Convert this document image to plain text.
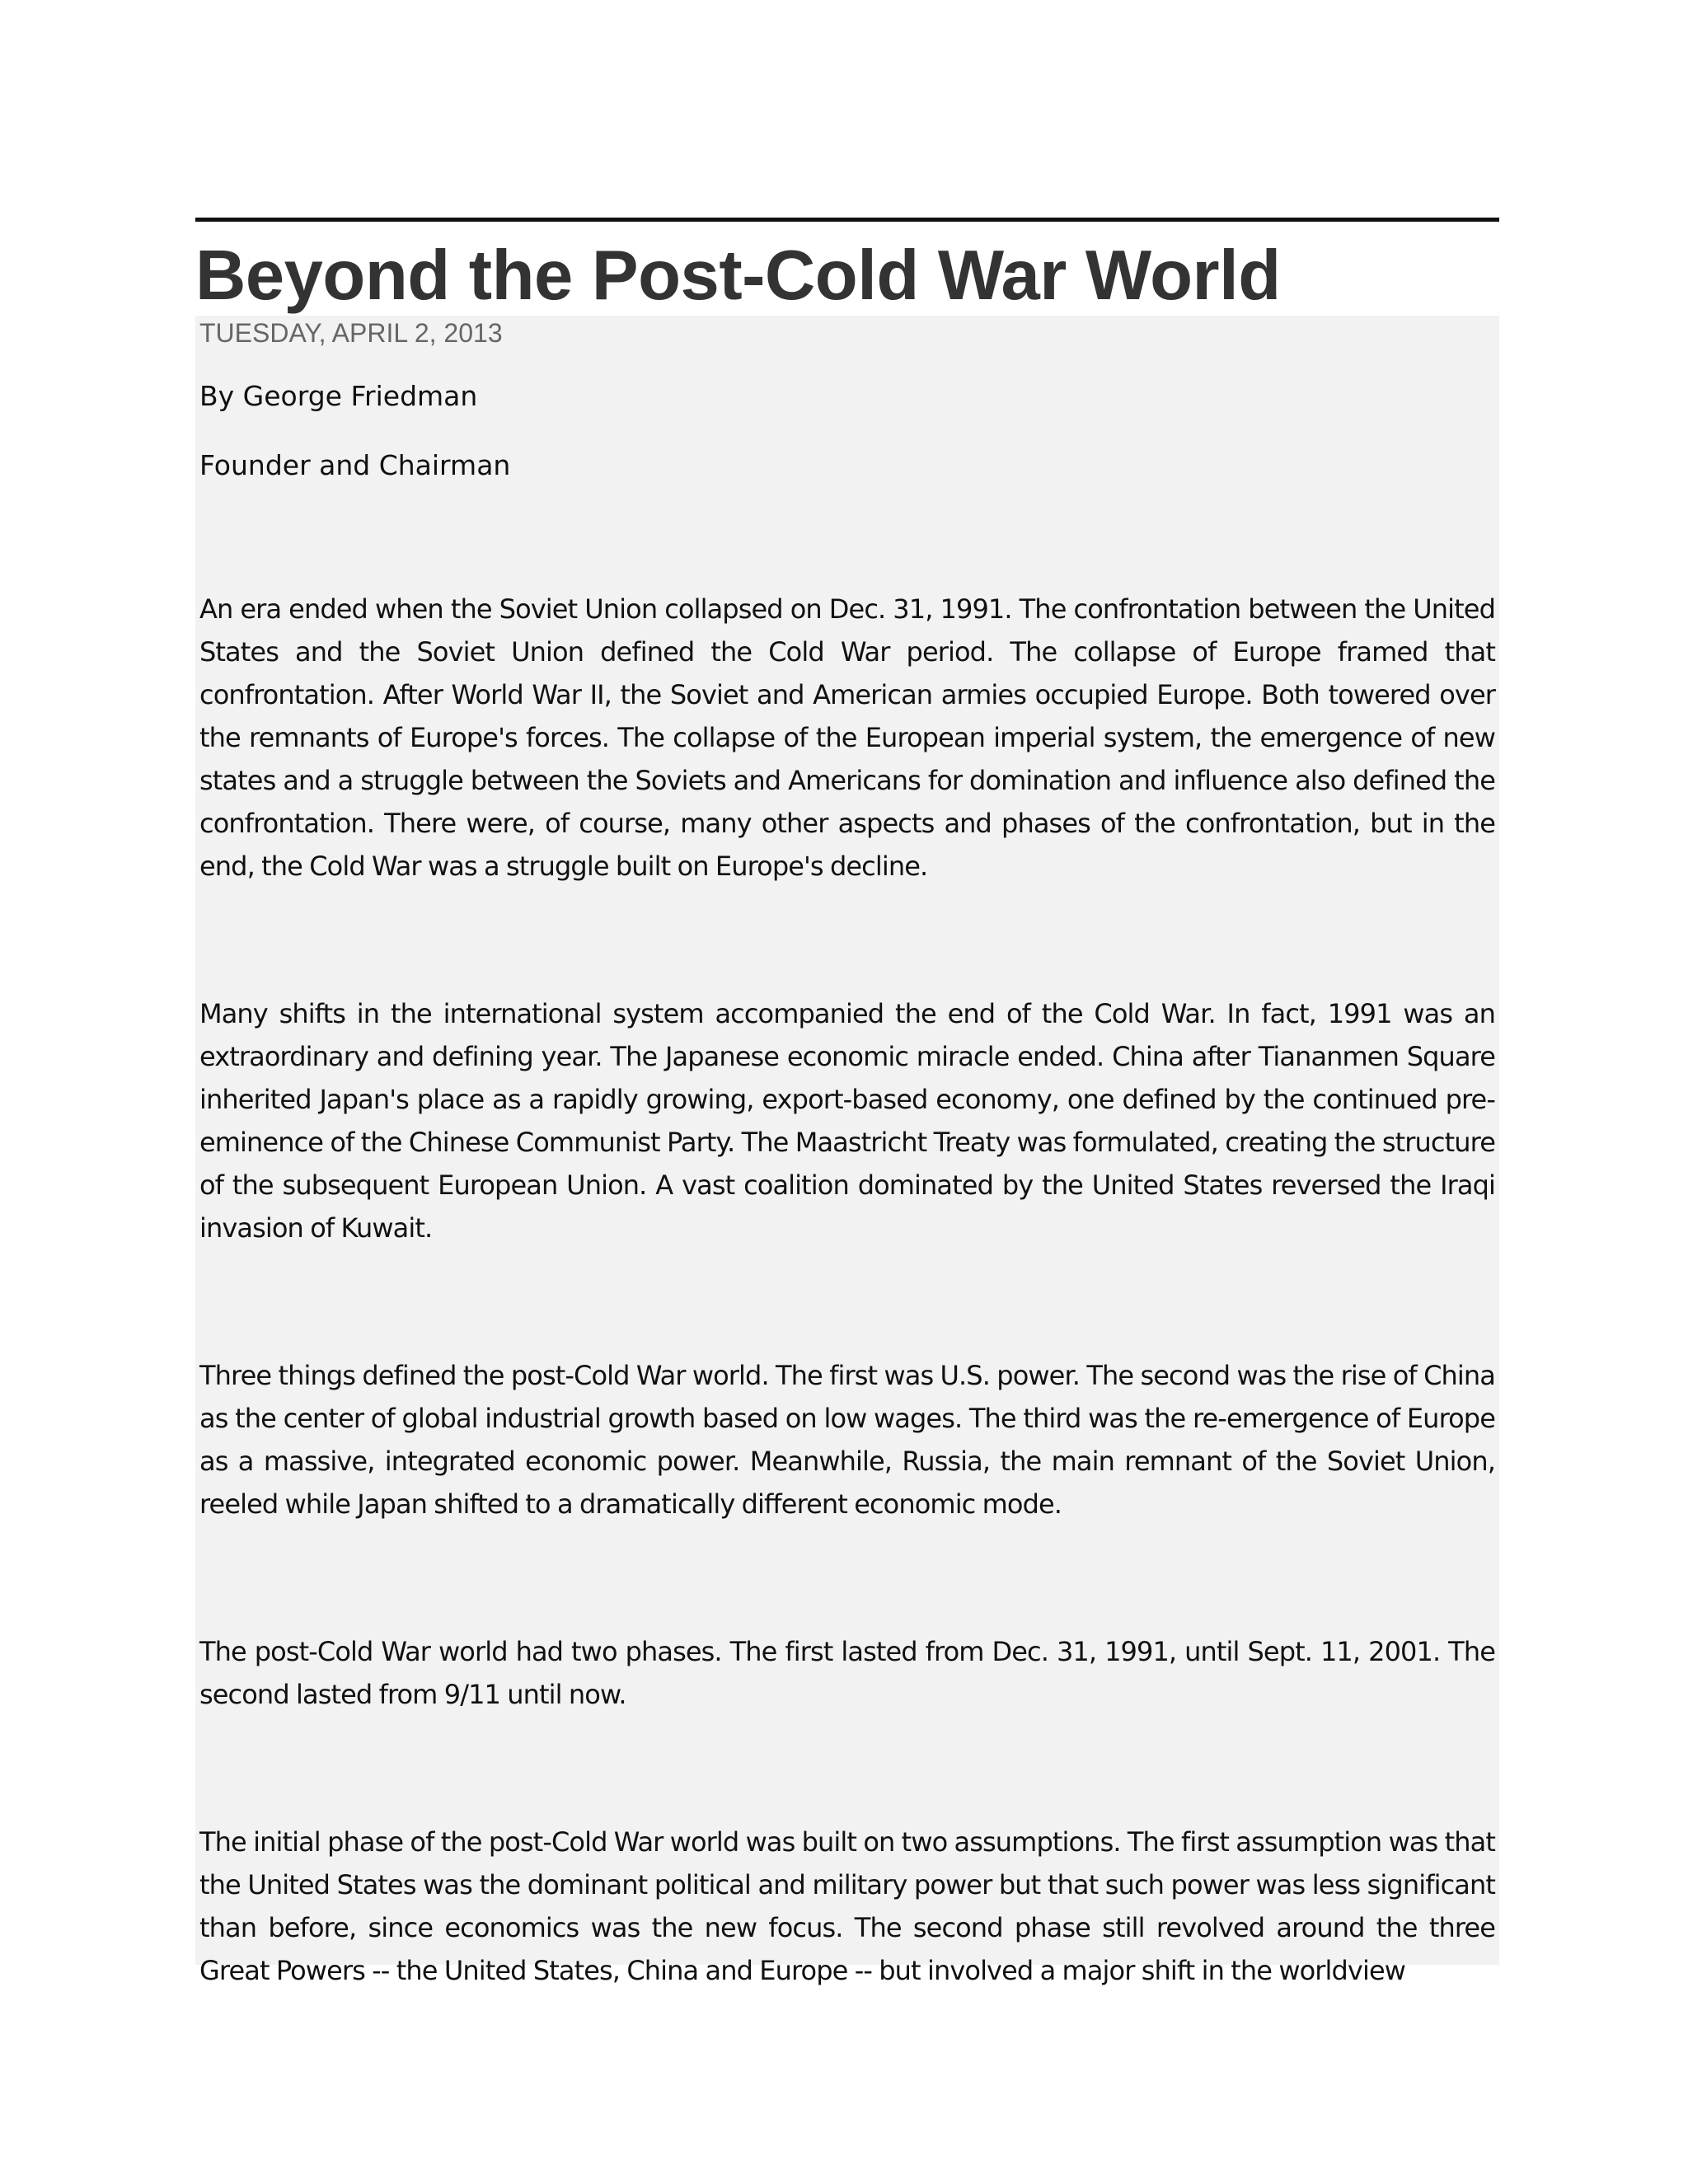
Beyond the Post-Cold War World

TUESDAY, APRIL 2, 2013

By George Friedman

Founder and Chairman

An era ended when the Soviet Union collapsed on Dec. 31, 1991. The confrontation between the United States and the Soviet Union defined the Cold War period. The collapse of Europe framed that confrontation. After World War II, the Soviet and American armies occupied Europe. Both towered over the remnants of Europe's forces. The collapse of the European imperial system, the emergence of new states and a struggle between the Soviets and Americans for domination and influence also defined the confrontation. There were, of course, many other aspects and phases of the confrontation, but in the end, the Cold War was a struggle built on Europe's decline.

Many shifts in the international system accompanied the end of the Cold War. In fact, 1991 was an extraordinary and defining year. The Japanese economic miracle ended. China after Tiananmen Square inherited Japan's place as a rapidly growing, export-based economy, one defined by the continued pre-eminence of the Chinese Communist Party. The Maastricht Treaty was formulated, creating the structure of the subsequent European Union. A vast coalition dominated by the United States reversed the Iraqi invasion of Kuwait.

Three things defined the post-Cold War world. The first was U.S. power. The second was the rise of China as the center of global industrial growth based on low wages. The third was the re-emergence of Europe as a massive, integrated economic power. Meanwhile, Russia, the main remnant of the Soviet Union, reeled while Japan shifted to a dramatically different economic mode.

The post-Cold War world had two phases. The first lasted from Dec. 31, 1991, until Sept. 11, 2001. The second lasted from 9/11 until now.

The initial phase of the post-Cold War world was built on two assumptions. The first assumption was that the United States was the dominant political and military power but that such power was less significant than before, since economics was the new focus. The second phase still revolved around the three Great Powers -- the United States, China and Europe -- but involved a major shift in the worldview
